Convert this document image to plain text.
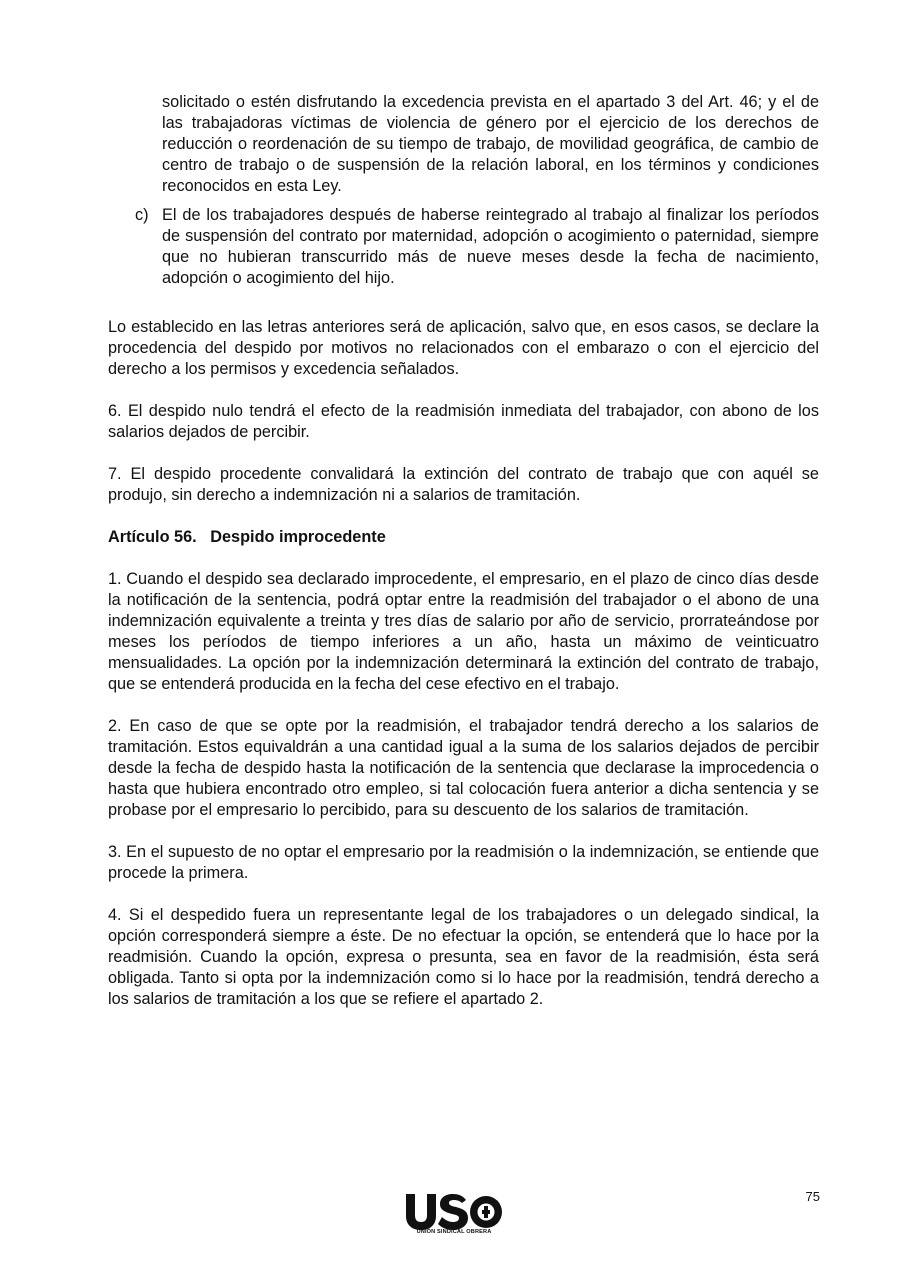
solicitado o estén disfrutando la excedencia prevista en el apartado 3 del Art. 46; y el de las trabajadoras víctimas de violencia de género por el ejercicio de los derechos de reducción o reordenación de su tiempo de trabajo, de movilidad geográfica, de cambio de centro de trabajo o de suspensión de la relación laboral, en los términos y condiciones reconocidos en esta Ley.

c) El de los trabajadores después de haberse reintegrado al trabajo al finalizar los períodos de suspensión del contrato por maternidad, adopción o acogimiento o paternidad, siempre que no hubieran transcurrido más de nueve meses desde la fecha de nacimiento, adopción o acogimiento del hijo.

Lo establecido en las letras anteriores será de aplicación, salvo que, en esos casos, se declare la procedencia del despido por motivos no relacionados con el embarazo o con el ejercicio del derecho a los permisos y excedencia señalados.

6. El despido nulo tendrá el efecto de la readmisión inmediata del trabajador, con abono de los salarios dejados de percibir.

7. El despido procedente convalidará la extinción del contrato de trabajo que con aquél se produjo, sin derecho a indemnización ni a salarios de tramitación.

Artículo 56.   Despido improcedente

1. Cuando el despido sea declarado improcedente, el empresario, en el plazo de cinco días desde la notificación de la sentencia, podrá optar entre la readmisión del trabajador o el abono de una indemnización equivalente a treinta y tres días de salario por año de servicio, prorrateándose por meses los períodos de tiempo inferiores a un año, hasta un máximo de veinticuatro mensualidades. La opción por la indemnización determinará la extinción del contrato de trabajo, que se entenderá producida en la fecha del cese efectivo en el trabajo.

2. En caso de que se opte por la readmisión, el trabajador tendrá derecho a los salarios de tramitación. Estos equivaldrán a una cantidad igual a la suma de los salarios dejados de percibir desde la fecha de despido hasta la notificación de la sentencia que declarase la improcedencia o hasta que hubiera encontrado otro empleo, si tal colocación fuera anterior a dicha sentencia y se probase por el empresario lo percibido, para su descuento de los salarios de tramitación.

3. En el supuesto de no optar el empresario por la readmisión o la indemnización, se entiende que procede la primera.

4. Si el despedido fuera un representante legal de los trabajadores o un delegado sindical, la opción corresponderá siempre a éste. De no efectuar la opción, se entenderá que lo hace por la readmisión. Cuando la opción, expresa o presunta, sea en favor de la readmisión, ésta será obligada. Tanto si opta por la indemnización como si lo hace por la readmisión, tendrá derecho a los salarios de tramitación a los que se refiere el apartado 2.

UNIÓN SINDICAL OBRERA
75
